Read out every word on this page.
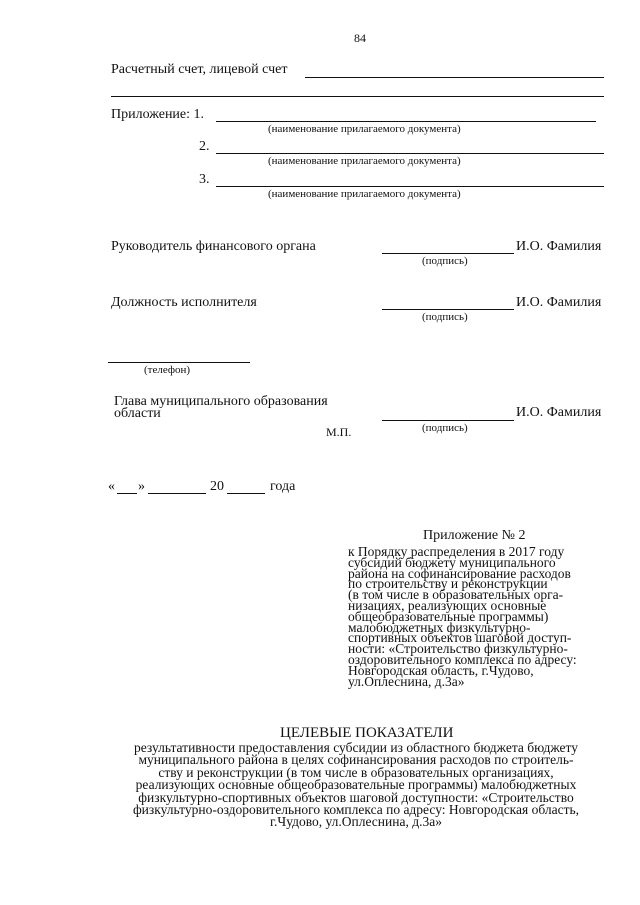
84
Расчетный счет, лицевой счет
Приложение: 1.
(наименование прилагаемого документа)
2.
(наименование прилагаемого документа)
3.
(наименование прилагаемого документа)
Руководитель финансового органа	И.О. Фамилия
(подпись)
Должность исполнителя	И.О. Фамилия
(подпись)
(телефон)
Глава муниципального образования
области	И.О. Фамилия
(подпись)
М.П.
« »	20	года
Приложение № 2
к Порядку распределения в 2017 году
субсидий бюджету муниципального
района на софинансирование расходов
по строительству и реконструкции
(в том числе в образовательных орга-
низациях, реализующих основные
общеобразовательные программы)
малобюджетных физкультурно-
спортивных объектов шаговой доступ-
ности: «Строительство физкультурно-
оздоровительного комплекса по адресу:
Новгородская область, г.Чудово,
ул.Оплеснина, д.3а»
ЦЕЛЕВЫЕ ПОКАЗАТЕЛИ
результативности предоставления субсидии из областного бюджета бюджету
муниципального района в целях софинансирования расходов по строитель-
ству и реконструкции (в том числе в образовательных организациях,
реализующих основные общеобразовательные программы) малобюджетных
физкультурно-спортивных объектов шаговой доступности: «Строительство
физкультурно-оздоровительного комплекса по адресу: Новгородская область,
г.Чудово, ул.Оплеснина, д.3а»
